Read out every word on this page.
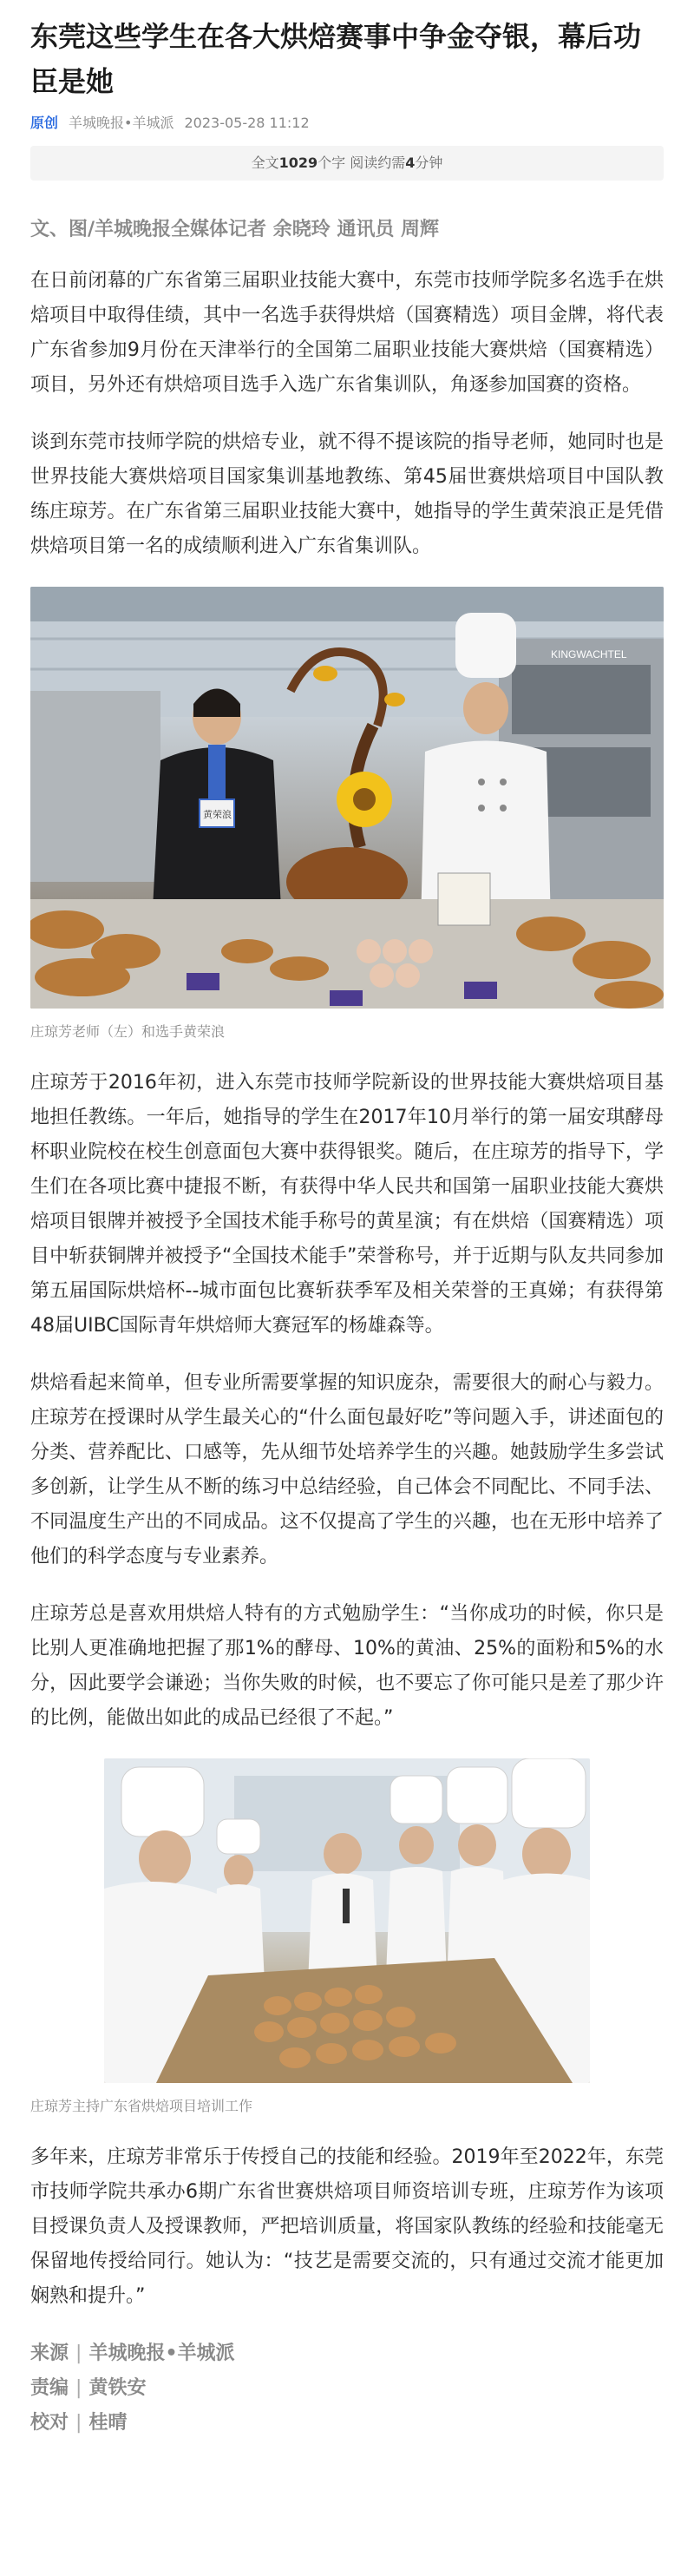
东莞这些学生在各大烘焙赛事中争金夺银，幕后功臣是她
原创 羊城晚报•羊城派 2023-05-28 11:12
全文1029个字 阅读约需4分钟

文、图/羊城晚报全媒体记者 余晓玲 通讯员 周辉

在日前闭幕的广东省第三届职业技能大赛中，东莞市技师学院多名选手在烘焙项目中取得佳绩，其中一名选手获得烘焙（国赛精选）项目金牌，将代表广东省参加9月份在天津举行的全国第二届职业技能大赛烘焙（国赛精选）项目，另外还有烘焙项目选手入选广东省集训队，角逐参加国赛的资格。

谈到东莞市技师学院的烘焙专业，就不得不提该院的指导老师，她同时也是世界技能大赛烘焙项目国家集训基地教练、第45届世赛烘焙项目中国队教练庄琼芳。在广东省第三届职业技能大赛中，她指导的学生黄荣浪正是凭借烘焙项目第一名的成绩顺利进入广东省集训队。

KINGWACHTEL
黄荣浪
庄琼芳老师（左）和选手黄荣浪

庄琼芳于2016年初，进入东莞市技师学院新设的世界技能大赛烘焙项目基地担任教练。一年后，她指导的学生在2017年10月举行的第一届安琪酵母杯职业院校在校生创意面包大赛中获得银奖。随后，在庄琼芳的指导下，学生们在各项比赛中捷报不断，有获得中华人民共和国第一届职业技能大赛烘焙项目银牌并被授予全国技术能手称号的黄星演；有在烘焙（国赛精选）项目中斩获铜牌并被授予“全国技术能手”荣誉称号，并于近期与队友共同参加第五届国际烘焙杯--城市面包比赛斩获季军及相关荣誉的王真娣；有获得第48届UIBC国际青年烘焙师大赛冠军的杨雄森等。

烘焙看起来简单，但专业所需要掌握的知识庞杂，需要很大的耐心与毅力。庄琼芳在授课时从学生最关心的“什么面包最好吃”等问题入手，讲述面包的分类、营养配比、口感等，先从细节处培养学生的兴趣。她鼓励学生多尝试多创新，让学生从不断的练习中总结经验，自己体会不同配比、不同手法、不同温度生产出的不同成品。这不仅提高了学生的兴趣，也在无形中培养了他们的科学态度与专业素养。

庄琼芳总是喜欢用烘焙人特有的方式勉励学生：“当你成功的时候，你只是比别人更准确地把握了那1%的酵母、10%的黄油、25%的面粉和5%的水分，因此要学会谦逊；当你失败的时候，也不要忘了你可能只是差了那少许的比例，能做出如此的成品已经很了不起。”

庄琼芳主持广东省烘焙项目培训工作

多年来，庄琼芳非常乐于传授自己的技能和经验。2019年至2022年，东莞市技师学院共承办6期广东省世赛烘焙项目师资培训专班，庄琼芳作为该项目授课负责人及授课教师，严把培训质量，将国家队教练的经验和技能毫无保留地传授给同行。她认为：“技艺是需要交流的，只有通过交流才能更加娴熟和提升。”

来源 | 羊城晚报•羊城派
责编 | 黄铁安
校对 | 桂晴
